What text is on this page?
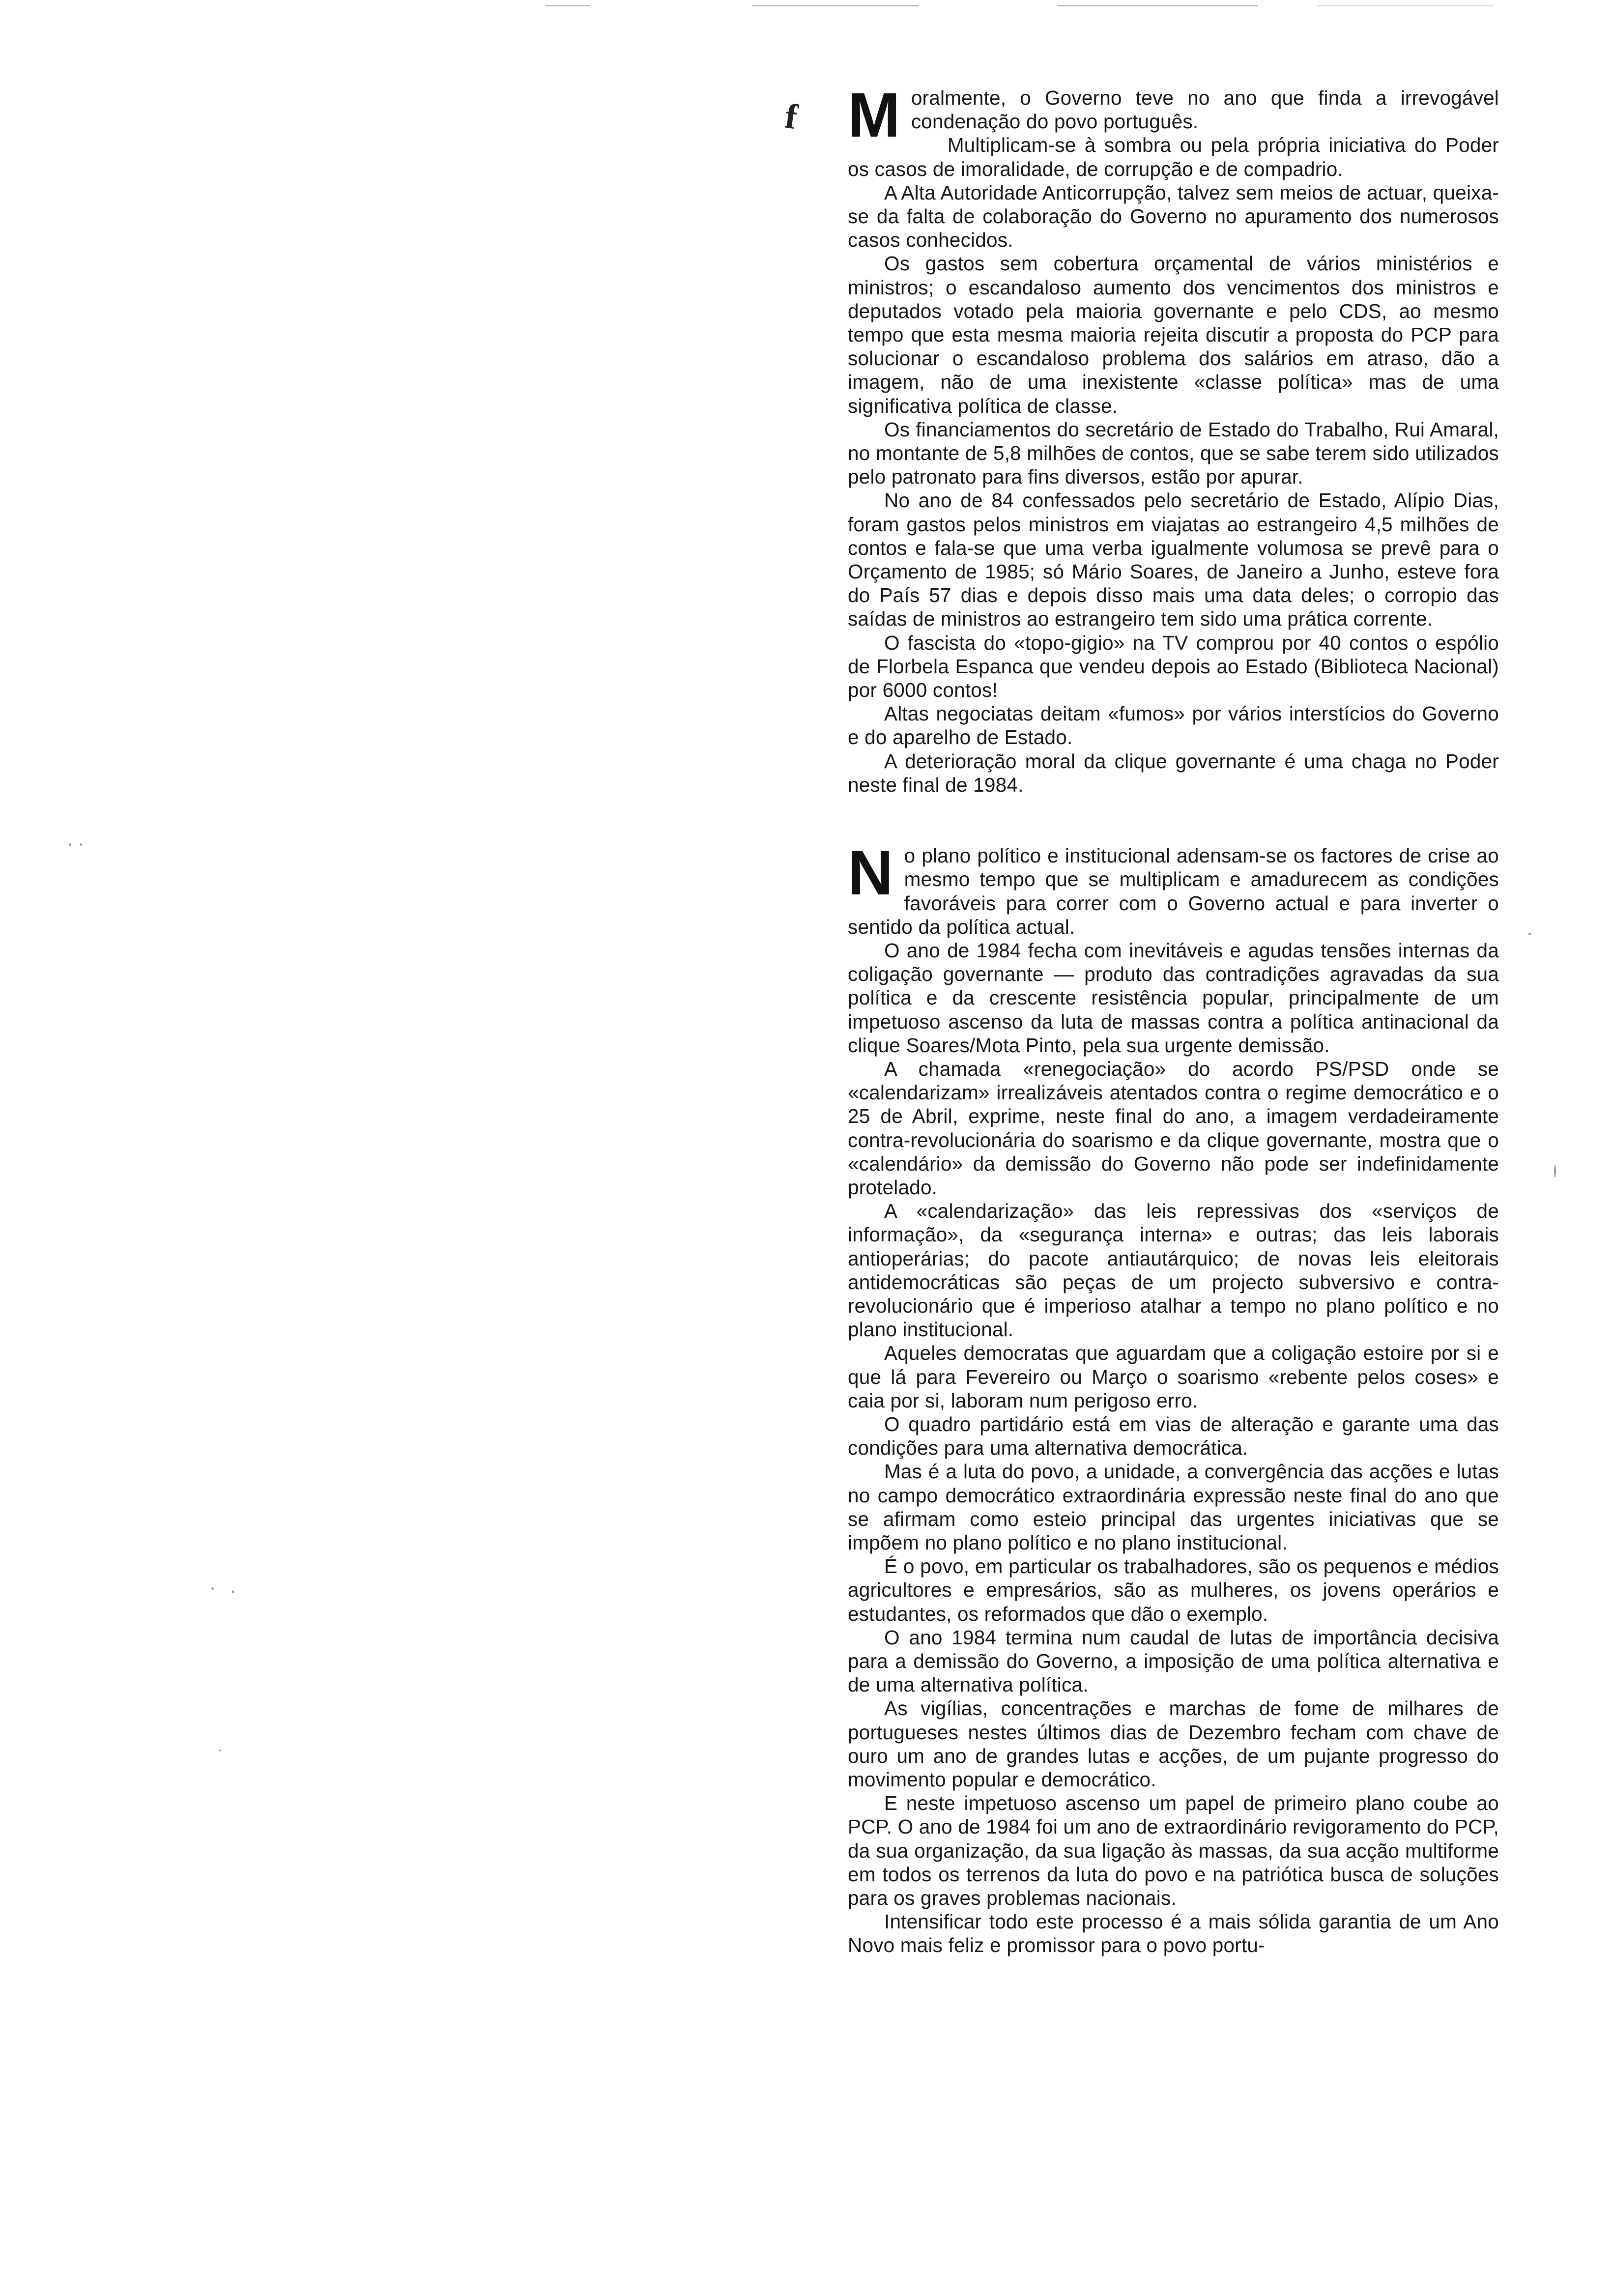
f Moralmente, o Governo teve no ano que finda a irrevogável condenação do povo português.

Multiplicam-se à sombra ou pela própria iniciativa do Poder os casos de imoralidade, de corrupção e de compadrio.

A Alta Autoridade Anticorrupção, talvez sem meios de actuar, queixa-se da falta de colaboração do Governo no apuramento dos numerosos casos conhecidos.

Os gastos sem cobertura orçamental de vários ministérios e ministros; o escandaloso aumento dos vencimentos dos ministros e deputados votado pela maioria governante e pelo CDS, ao mesmo tempo que esta mesma maioria rejeita discutir a proposta do PCP para solucionar o escandaloso problema dos salários em atraso, dão a imagem, não de uma inexistente «classe política» mas de uma significativa política de classe.

Os financiamentos do secretário de Estado do Trabalho, Rui Amaral, no montante de 5,8 milhões de contos, que se sabe terem sido utilizados pelo patronato para fins diversos, estão por apurar.

No ano de 84 confessados pelo secretário de Estado, Alípio Dias, foram gastos pelos ministros em viajatas ao estrangeiro 4,5 milhões de contos e fala-se que uma verba igualmente volumosa se prevê para o Orçamento de 1985; só Mário Soares, de Janeiro a Junho, esteve fora do País 57 dias e depois disso mais uma data deles; o corropio das saídas de ministros ao estrangeiro tem sido uma prática corrente.

O fascista do «topo-gigio» na TV comprou por 40 contos o espólio de Florbela Espanca que vendeu depois ao Estado (Biblioteca Nacional) por 6000 contos!

Altas negociatas deitam «fumos» por vários interstícios do Governo e do aparelho de Estado.

A deterioração moral da clique governante é uma chaga no Poder neste final de 1984.

No plano político e institucional adensam-se os factores de crise ao mesmo tempo que se multiplicam e amadurecem as condições favoráveis para correr com o Governo actual e para inverter o sentido da política actual.

O ano de 1984 fecha com inevitáveis e agudas tensões internas da coligação governante — produto das contradições agravadas da sua política e da crescente resistência popular, principalmente de um impetuoso ascenso da luta de massas contra a política antinacional da clique Soares/Mota Pinto, pela sua urgente demissão.

A chamada «renegociação» do acordo PS/PSD onde se «calendarizam» irrealizáveis atentados contra o regime democrático e o 25 de Abril, exprime, neste final do ano, a imagem verdadeiramente contra-revolucionária do soarismo e da clique governante, mostra que o «calendário» da demissão do Governo não pode ser indefinidamente protelado.

A «calendarização» das leis repressivas dos «serviços de informação», da «segurança interna» e outras; das leis laborais antioperárias; do pacote antiautárquico; de novas leis eleitorais antidemocráticas são peças de um projecto subversivo e contra-revolucionário que é imperioso atalhar a tempo no plano político e no plano institucional.

Aqueles democratas que aguardam que a coligação estoire por si e que lá para Fevereiro ou Março o soarismo «rebente pelos coses» e caia por si, laboram num perigoso erro.

O quadro partidário está em vias de alteração e garante uma das condições para uma alternativa democrática.

Mas é a luta do povo, a unidade, a convergência das acções e lutas no campo democrático extraordinária expressão neste final do ano que se afirmam como esteio principal das urgentes iniciativas que se impõem no plano político e no plano institucional.

É o povo, em particular os trabalhadores, são os pequenos e médios agricultores e empresários, são as mulheres, os jovens operários e estudantes, os reformados que dão o exemplo.

O ano 1984 termina num caudal de lutas de importância decisiva para a demissão do Governo, a imposição de uma política alternativa e de uma alternativa política.

As vigílias, concentrações e marchas de fome de milhares de portugueses nestes últimos dias de Dezembro fecham com chave de ouro um ano de grandes lutas e acções, de um pujante progresso do movimento popular e democrático.

E neste impetuoso ascenso um papel de primeiro plano coube ao PCP. O ano de 1984 foi um ano de extraordinário revigoramento do PCP, da sua organização, da sua ligação às massas, da sua acção multiforme em todos os terrenos da luta do povo e na patriótica busca de soluções para os graves problemas nacionais.

Intensificar todo este processo é a mais sólida garantia de um Ano Novo mais feliz e promissor para o povo portu-
